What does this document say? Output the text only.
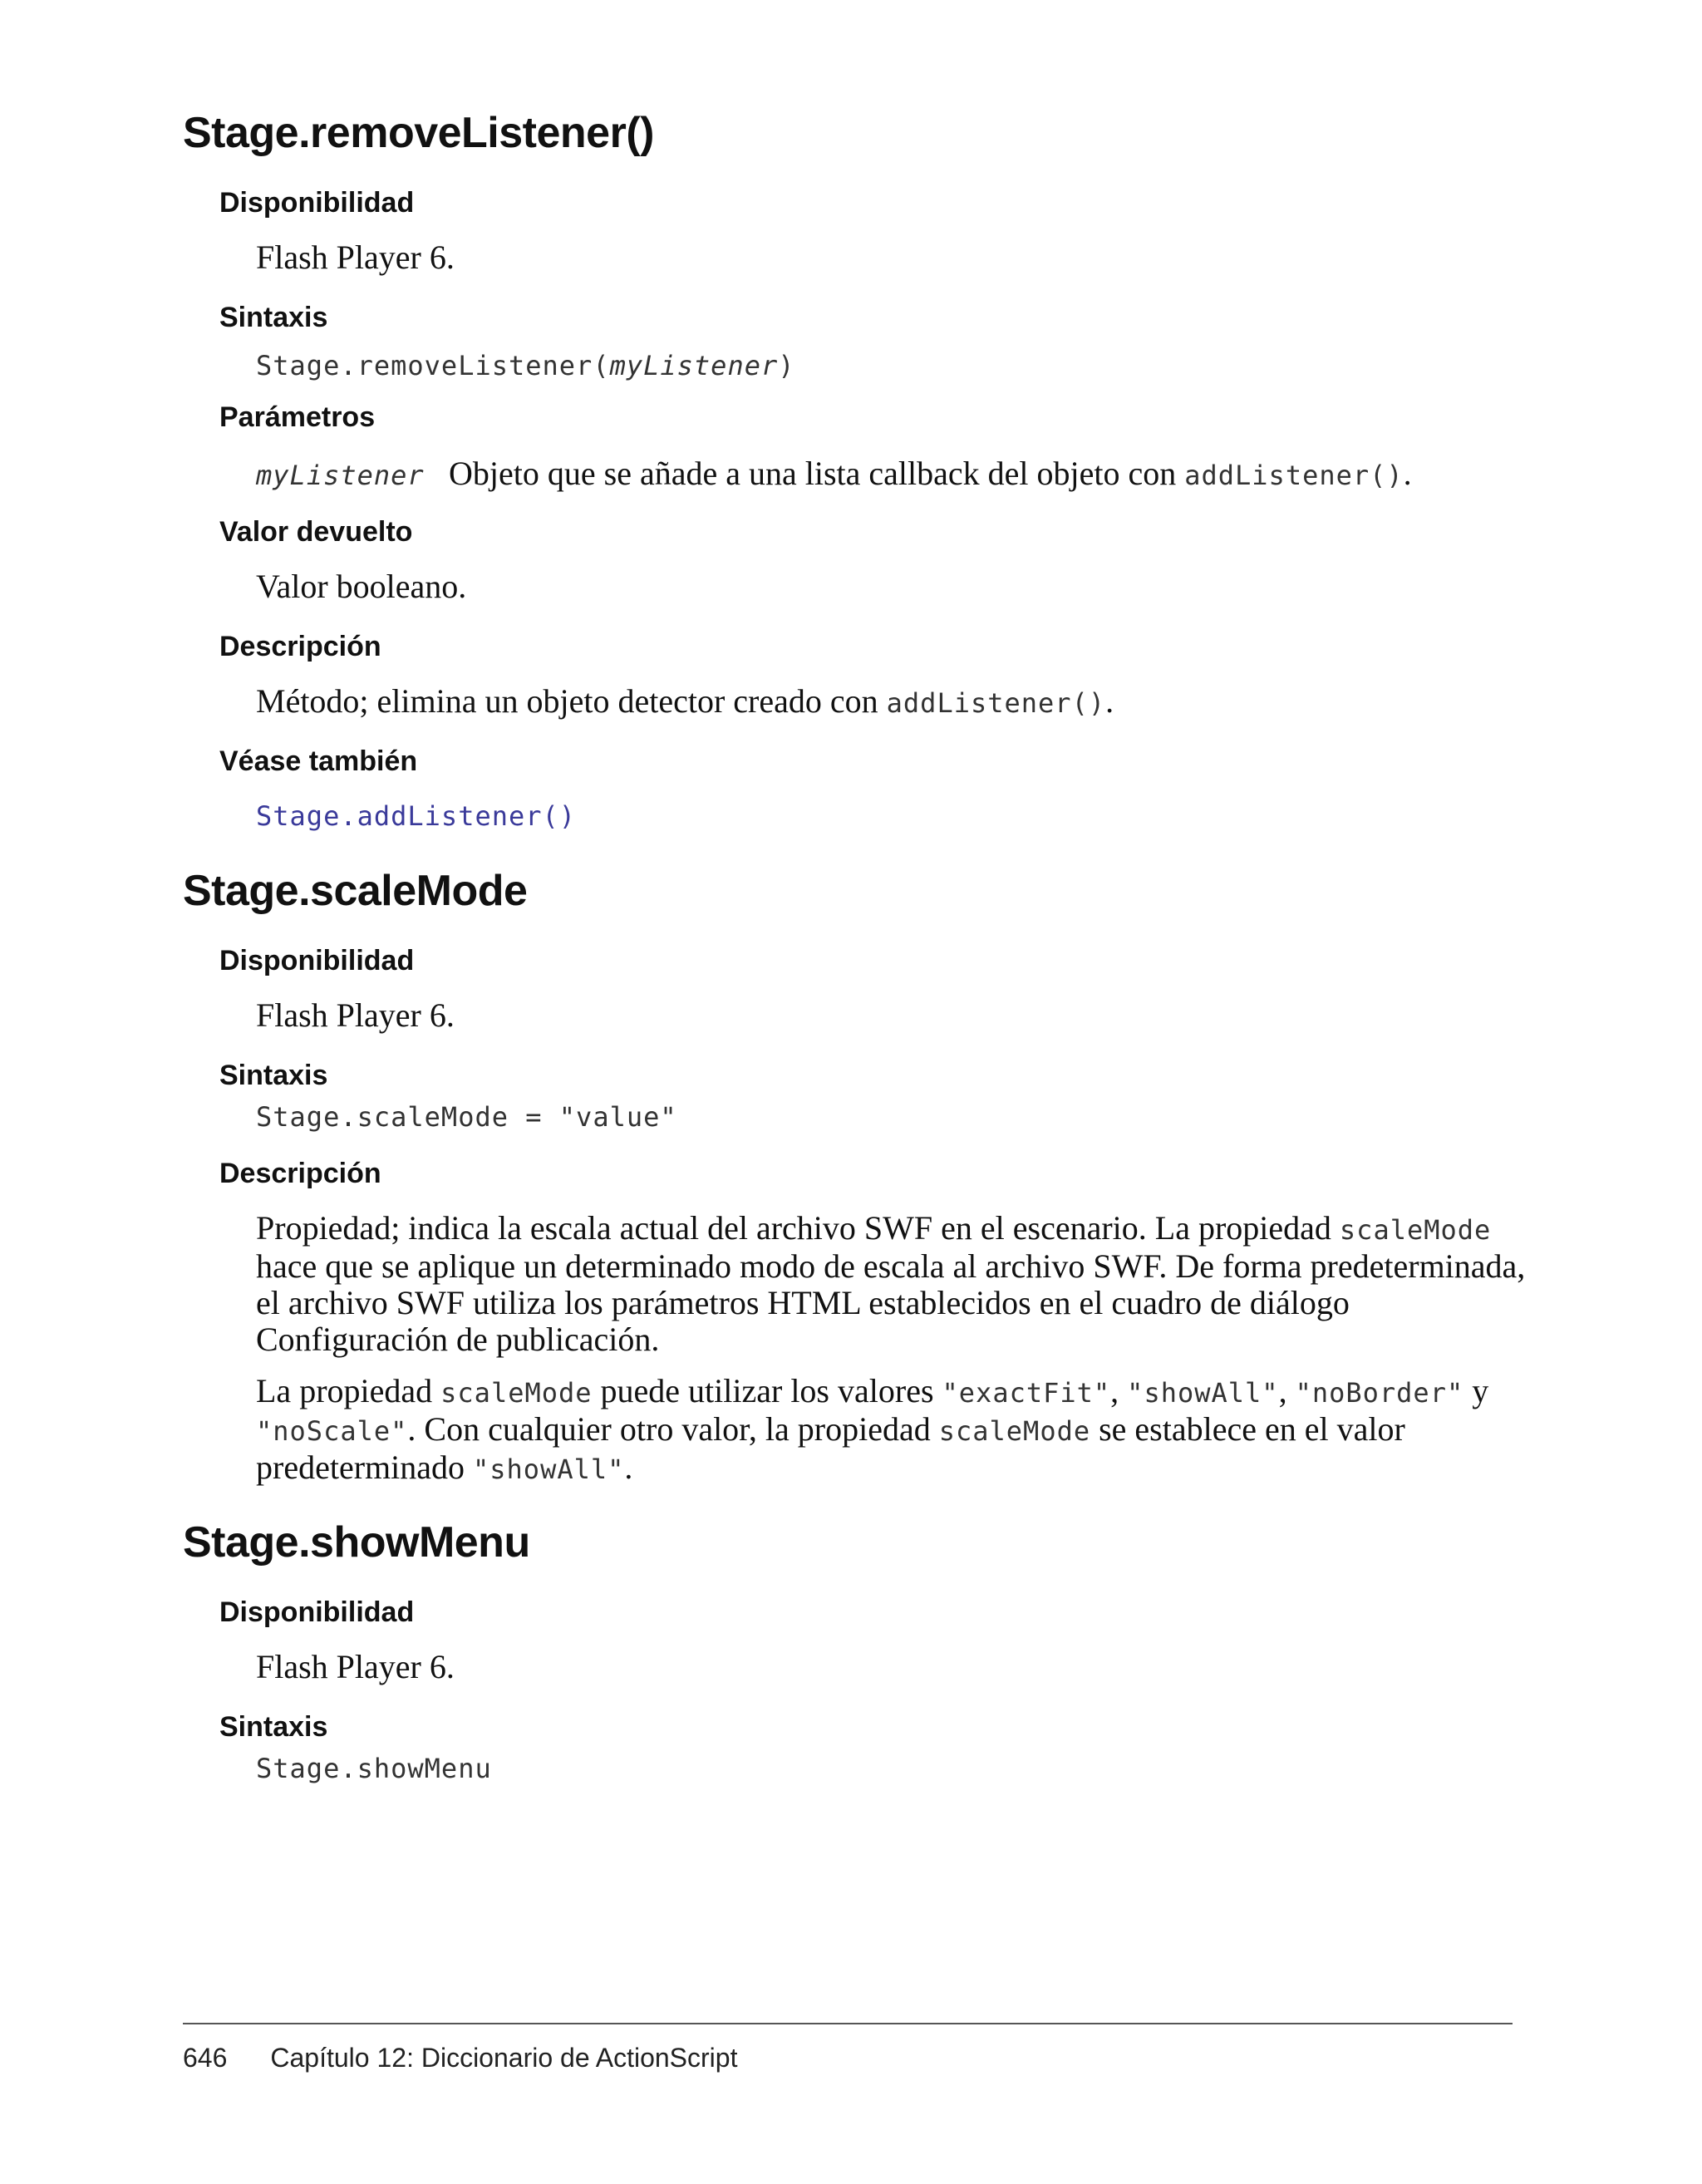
Stage.removeListener()
Disponibilidad

Flash Player 6.

Sintaxis

Stage.removeListener(myListener)

Parámetros

myListener Objeto que se añade a una lista callback del objeto con addListener().

Valor devuelto

Valor booleano.

Descripción

Método; elimina un objeto detector creado con addListener().

Véase también

Stage.addListener()

Stage.scaleMode
Disponibilidad

Flash Player 6.

Sintaxis

Stage.scaleMode = "value"

Descripción

Propiedad; indica la escala actual del archivo SWF en el escenario. La propiedad scaleMode hace que se aplique un determinado modo de escala al archivo SWF. De forma predeterminada, el archivo SWF utiliza los parámetros HTML establecidos en el cuadro de diálogo Configuración de publicación.

La propiedad scaleMode puede utilizar los valores "exactFit", "showAll", "noBorder" y "noScale". Con cualquier otro valor, la propiedad scaleMode se establece en el valor predeterminado "showAll".

Stage.showMenu
Disponibilidad

Flash Player 6.

Sintaxis

Stage.showMenu

646 Capítulo 12: Diccionario de ActionScript
